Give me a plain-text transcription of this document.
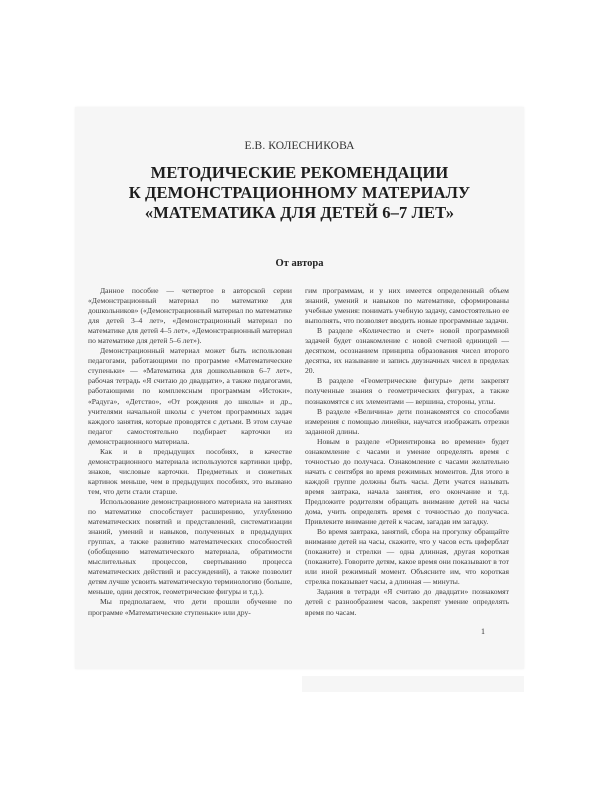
Е.В. КОЛЕСНИКОВА
МЕТОДИЧЕСКИЕ РЕКОМЕНДАЦИИ
К ДЕМОНСТРАЦИОННОМУ МАТЕРИАЛУ
«МАТЕМАТИКА ДЛЯ ДЕТЕЙ 6–7 ЛЕТ»
От автора

Данное пособие — четвертое в авторской серии «Демонстрационный материал по математике для дошкольников» («Демонстрационный материал по математике для детей 3–4 лет», «Демонстрационный материал по математике для детей 4–5 лет», «Демонстрационный материал по математике для детей 5–6 лет»).

Демонстрационный материал может быть использован педагогами, работающими по программе «Математические ступеньки» — «Математика для дошкольников 6–7 лет», рабочая тетрадь «Я считаю до двадцати», а также педагогами, работающими по комплексным программам «Истоки», «Радуга», «Детство», «От рождения до школы» и др., учителями начальной школы с учетом программных задач каждого занятия, которые проводятся с детьми. В этом случае педагог самостоятельно подбирает карточки из демонстрационного материала.

Как и в предыдущих пособиях, в качестве демонстрационного материала используются картинки цифр, знаков, числовые карточки. Предметных и сюжетных картинок меньше, чем в предыдущих пособиях, это вызвано тем, что дети стали старше.

Использование демонстрационного материала на занятиях по математике способствует расширению, углублению математических понятий и представлений, систематизации знаний, умений и навыков, полученных в предыдущих группах, а также развитию математических способностей (обобщению математического материала, обратимости мыслительных процессов, свертыванию процесса математических действий и рассуждений), а также позволит детям лучше усвоить математическую терминологию (больше, меньше, один десяток, геометрические фигуры и т.д.).

Мы предполагаем, что дети прошли обучение по программе «Математические ступеньки» или дру-

гим программам, и у них имеется определенный объем знаний, умений и навыков по математике, сформированы учебные умения: понимать учебную задачу, самостоятельно ее выполнять, что позволяет вводить новые программные задачи.

В разделе «Количество и счет» новой программной задачей будет ознакомление с новой счетной единицей — десятком, осознанием принципа образования чисел второго десятка, их называние и запись двузначных чисел в пределах 20.

В разделе «Геометрические фигуры» дети закрепят полученные знания о геометрических фигурах, а также познакомятся с их элементами — вершина, стороны, углы.

В разделе «Величина» дети познакомятся со способами измерения с помощью линейки, научатся изображать отрезки заданной длины.

Новым в разделе «Ориентировка во времени» будет ознакомление с часами и умение определять время с точностью до получаса. Ознакомление с часами желательно начать с сентября во время режимных моментов. Для этого в каждой группе должны быть часы. Дети учатся называть время завтрака, начала занятия, его окончание и т.д. Предложите родителям обращать внимание детей на часы дома, учить определять время с точностью до получаса. Привлеките внимание детей к часам, загадав им загадку.

Во время завтрака, занятий, сбора на прогулку обращайте внимание детей на часы, скажите, что у часов есть циферблат (покажите) и стрелки — одна длинная, другая короткая (покажите). Говорите детям, какое время они показывают в тот или иной режимный момент. Объясните им, что короткая стрелка показывает часы, а длинная — минуты.

Задания в тетради «Я считаю до двадцати» познакомят детей с разнообразием часов, закрепят умение определять время по часам.

1
